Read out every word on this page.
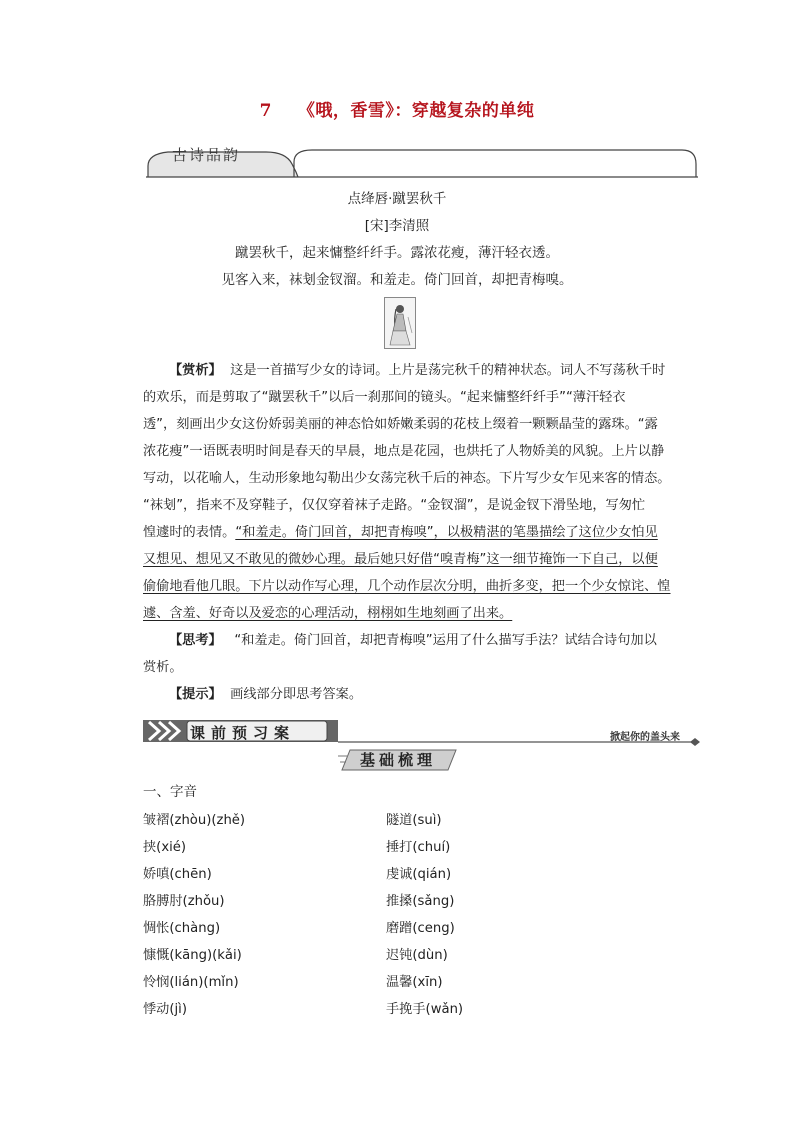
7 《哦，香雪》：穿越复杂的单纯
古诗品韵
点绛唇·蹴罢秋千
[宋]李清照
蹴罢秋千，起来慵整纤纤手。露浓花瘦，薄汗轻衣透。
见客入来，袜刬金钗溜。和羞走。倚门回首，却把青梅嗅。
【赏析】 这是一首描写少女的诗词。上片是荡完秋千的精神状态。词人不写荡秋千时
的欢乐，而是剪取了“蹴罢秋千”以后一刹那间的镜头。“起来慵整纤纤手”“薄汗轻衣
透”，刻画出少女这份娇弱美丽的神态恰如娇嫩柔弱的花枝上缀着一颗颗晶莹的露珠。“露
浓花瘦”一语既表明时间是春天的早晨，地点是花园，也烘托了人物娇美的风貌。上片以静
写动，以花喻人，生动形象地勾勒出少女荡完秋千后的神态。下片写少女乍见来客的情态。
“袜刬”，指来不及穿鞋子，仅仅穿着袜子走路。“金钗溜”，是说金钗下滑坠地，写匆忙
惶遽时的表情。“和羞走。倚门回首，却把青梅嗅”，以极精湛的笔墨描绘了这位少女怕见
又想见、想见又不敢见的微妙心理。最后她只好借“嗅青梅”这一细节掩饰一下自己，以便
偷偷地看他几眼。下片以动作写心理，几个动作层次分明，曲折多变，把一个少女惊诧、惶
遽、含羞、好奇以及爱恋的心理活动，栩栩如生地刻画了出来。
【思考】 “和羞走。倚门回首，却把青梅嗅”运用了什么描写手法？试结合诗句加以
赏析。
【提示】 画线部分即思考答案。
课前预习案	掀起你的盖头来
基础梳理
一、字音
皱褶(zhòu)(zhě)
挟(xié)
娇嗔(chēn)
胳膊肘(zhǒu)
惆怅(chàng)
慷慨(kāng)(kǎi)
怜悯(lián)(mǐn)
悸动(jì)
隧道(suì)
捶打(chuí)
虔诚(qián)
推搡(sǎng)
磨蹭(ceng)
迟钝(dùn)
温馨(xīn)
手挽手(wǎn)
